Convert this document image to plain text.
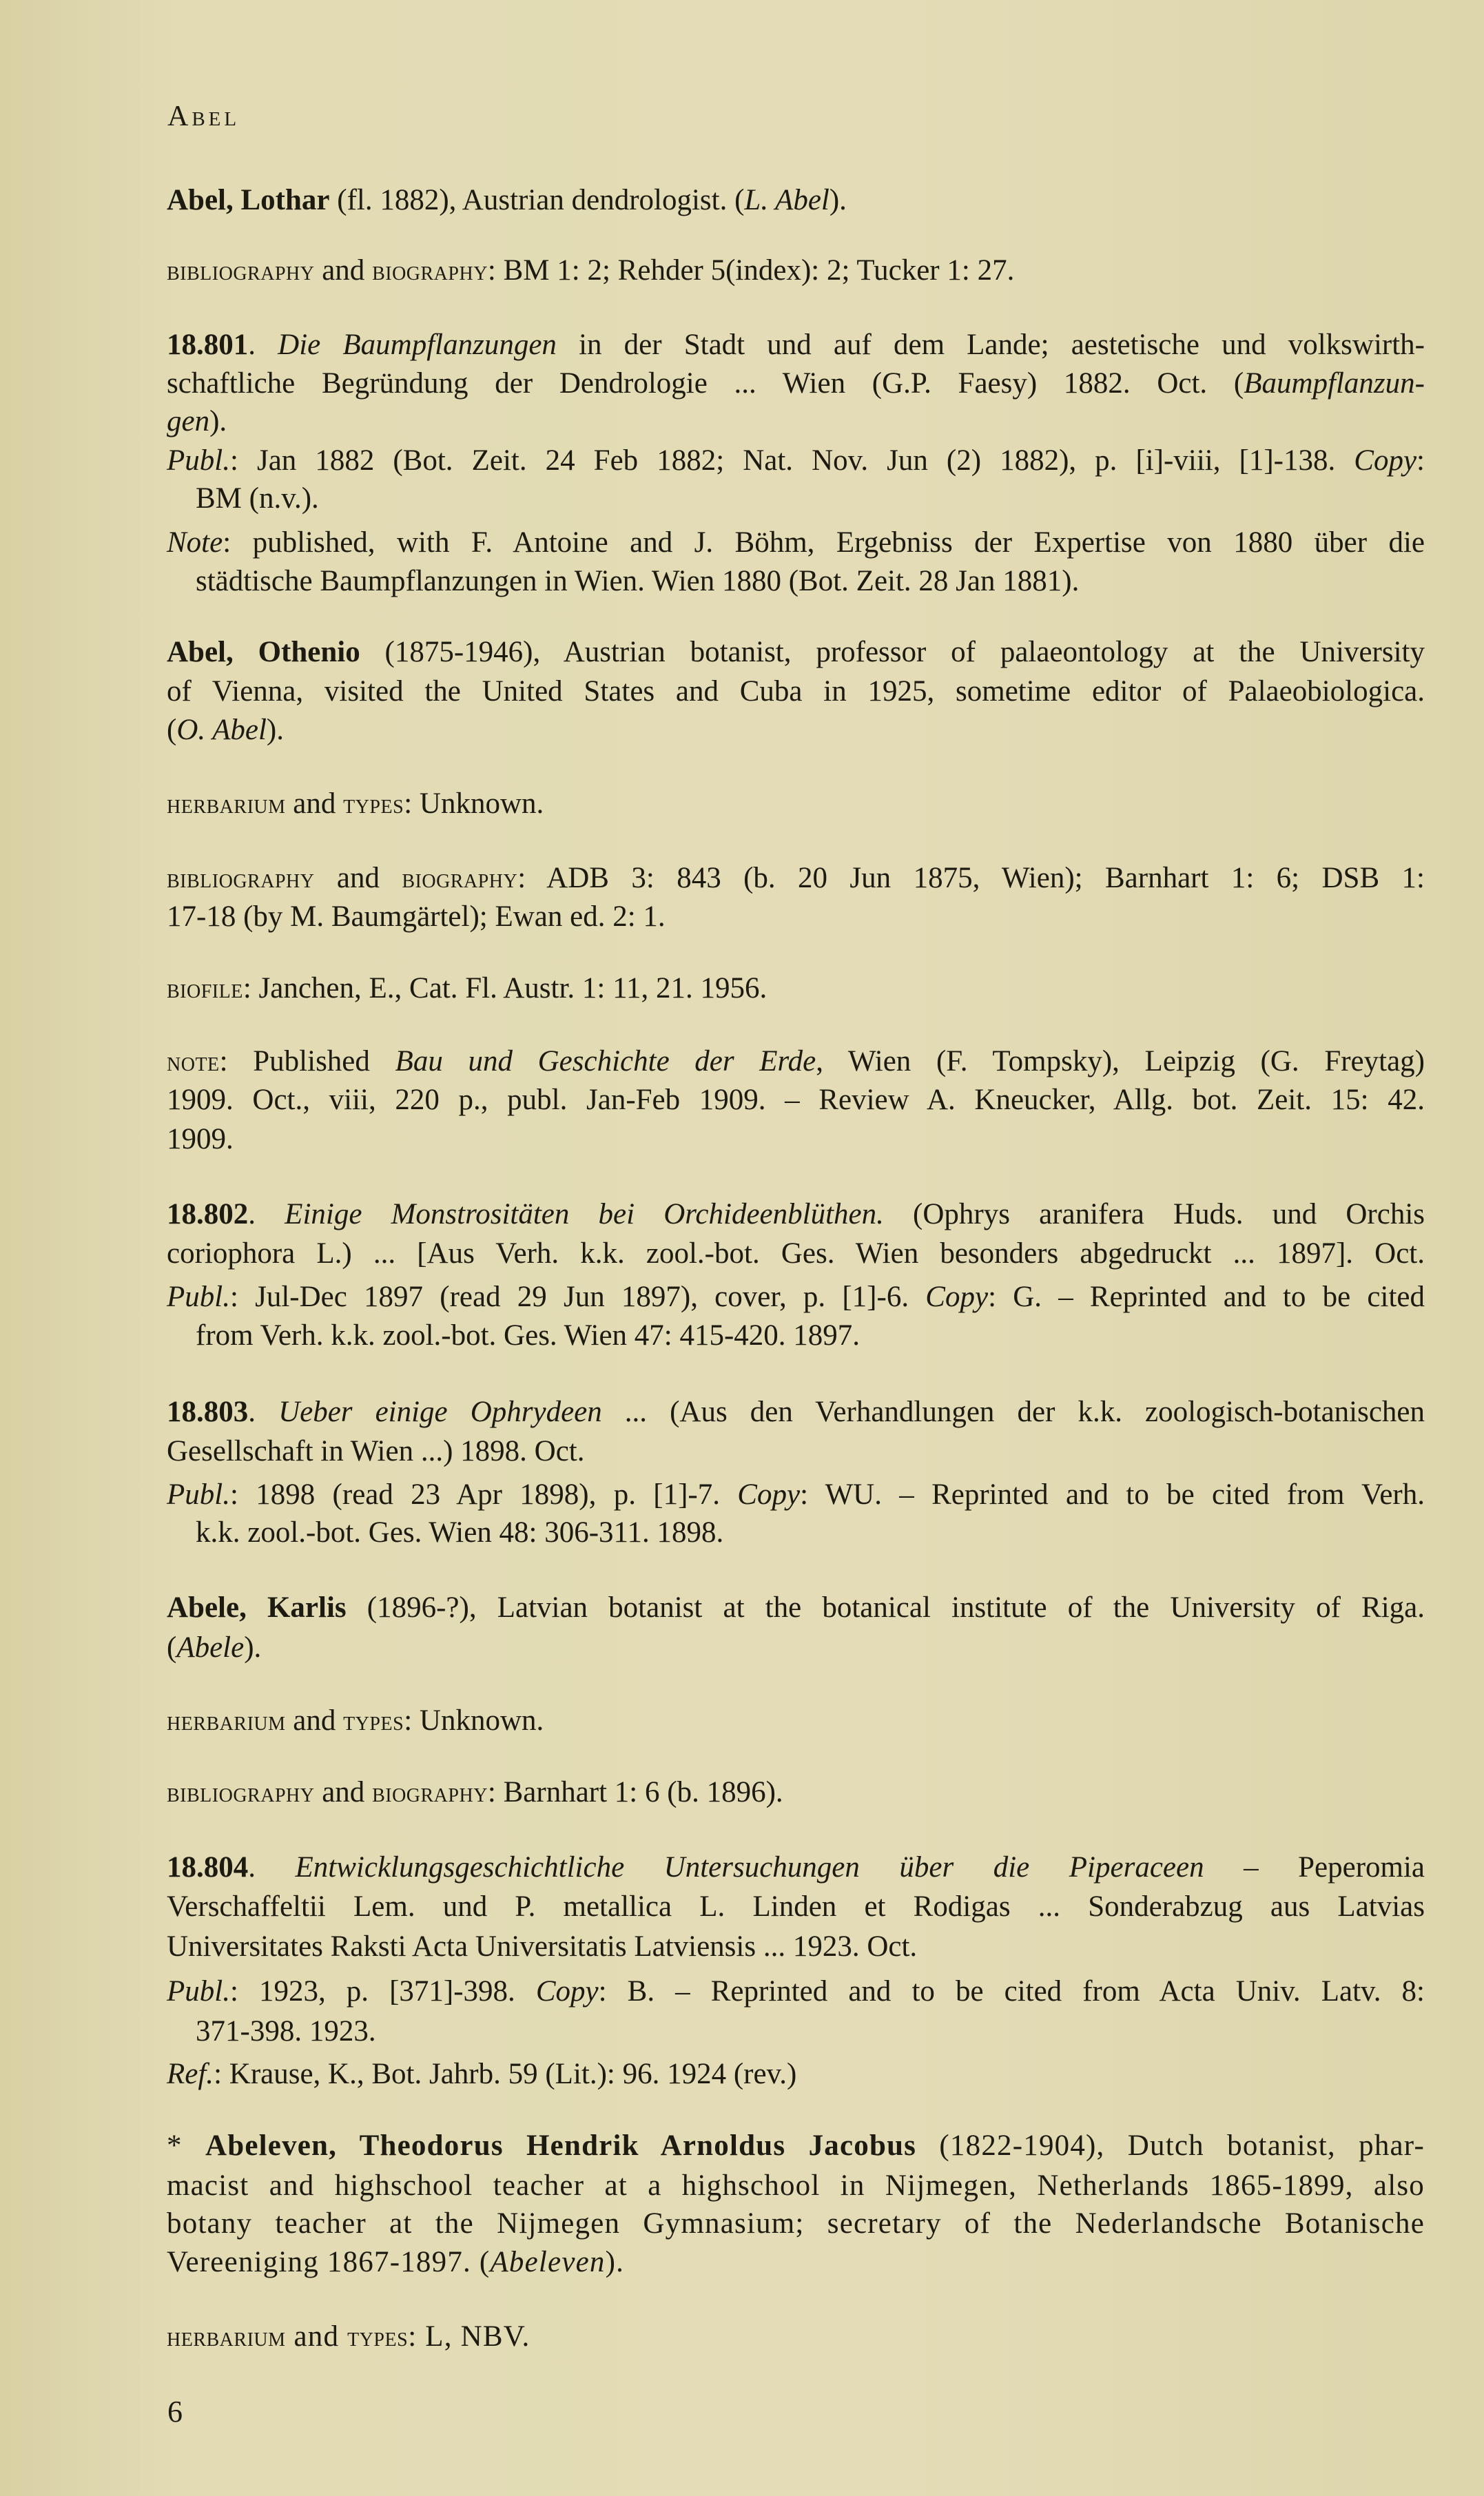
Abel
Abel, Lothar (fl. 1882), Austrian dendrologist. (L. Abel).
bibliography and biography: BM 1: 2; Rehder 5(index): 2; Tucker 1: 27.
18.801. Die Baumpflanzungen in der Stadt und auf dem Lande; aestetische und volkswirth-
schaftliche Begründung der Dendrologie ... Wien (G.P. Faesy) 1882. Oct. (Baumpflanzun-
gen).
Publ.: Jan 1882 (Bot. Zeit. 24 Feb 1882; Nat. Nov. Jun (2) 1882), p. [i]-viii, [1]-138. Copy:
BM (n.v.).
Note: published, with F. Antoine and J. Böhm, Ergebniss der Expertise von 1880 über die
städtische Baumpflanzungen in Wien. Wien 1880 (Bot. Zeit. 28 Jan 1881).
Abel, Othenio (1875-1946), Austrian botanist, professor of palaeontology at the University
of Vienna, visited the United States and Cuba in 1925, sometime editor of Palaeobiologica.
(O. Abel).
herbarium and types: Unknown.
bibliography and biography: ADB 3: 843 (b. 20 Jun 1875, Wien); Barnhart 1: 6; DSB 1:
17-18 (by M. Baumgärtel); Ewan ed. 2: 1.
biofile: Janchen, E., Cat. Fl. Austr. 1: 11, 21. 1956.
note: Published Bau und Geschichte der Erde, Wien (F. Tompsky), Leipzig (G. Freytag)
1909. Oct., viii, 220 p., publ. Jan-Feb 1909. – Review A. Kneucker, Allg. bot. Zeit. 15: 42.
1909.
18.802. Einige Monstrositäten bei Orchideenblüthen. (Ophrys aranifera Huds. und Orchis
coriophora L.) ... [Aus Verh. k.k. zool.-bot. Ges. Wien besonders abgedruckt ... 1897]. Oct.
Publ.: Jul-Dec 1897 (read 29 Jun 1897), cover, p. [1]-6. Copy: G. – Reprinted and to be cited
from Verh. k.k. zool.-bot. Ges. Wien 47: 415-420. 1897.
18.803. Ueber einige Ophrydeen ... (Aus den Verhandlungen der k.k. zoologisch-botanischen
Gesellschaft in Wien ...) 1898. Oct.
Publ.: 1898 (read 23 Apr 1898), p. [1]-7. Copy: WU. – Reprinted and to be cited from Verh.
k.k. zool.-bot. Ges. Wien 48: 306-311. 1898.
Abele, Karlis (1896-?), Latvian botanist at the botanical institute of the University of Riga.
(Abele).
herbarium and types: Unknown.
bibliography and biography: Barnhart 1: 6 (b. 1896).
18.804. Entwicklungsgeschichtliche Untersuchungen über die Piperaceen – Peperomia
Verschaffeltii Lem. und P. metallica L. Linden et Rodigas ... Sonderabzug aus Latvias
Universitates Raksti Acta Universitatis Latviensis ... 1923. Oct.
Publ.: 1923, p. [371]-398. Copy: B. – Reprinted and to be cited from Acta Univ. Latv. 8:
371-398. 1923.
Ref.: Krause, K., Bot. Jahrb. 59 (Lit.): 96. 1924 (rev.)
* Abeleven, Theodorus Hendrik Arnoldus Jacobus (1822-1904), Dutch botanist, phar-
macist and highschool teacher at a highschool in Nijmegen, Netherlands 1865-1899, also
botany teacher at the Nijmegen Gymnasium; secretary of the Nederlandsche Botanische
Vereeniging 1867-1897. (Abeleven).
herbarium and types: L, NBV.
6
